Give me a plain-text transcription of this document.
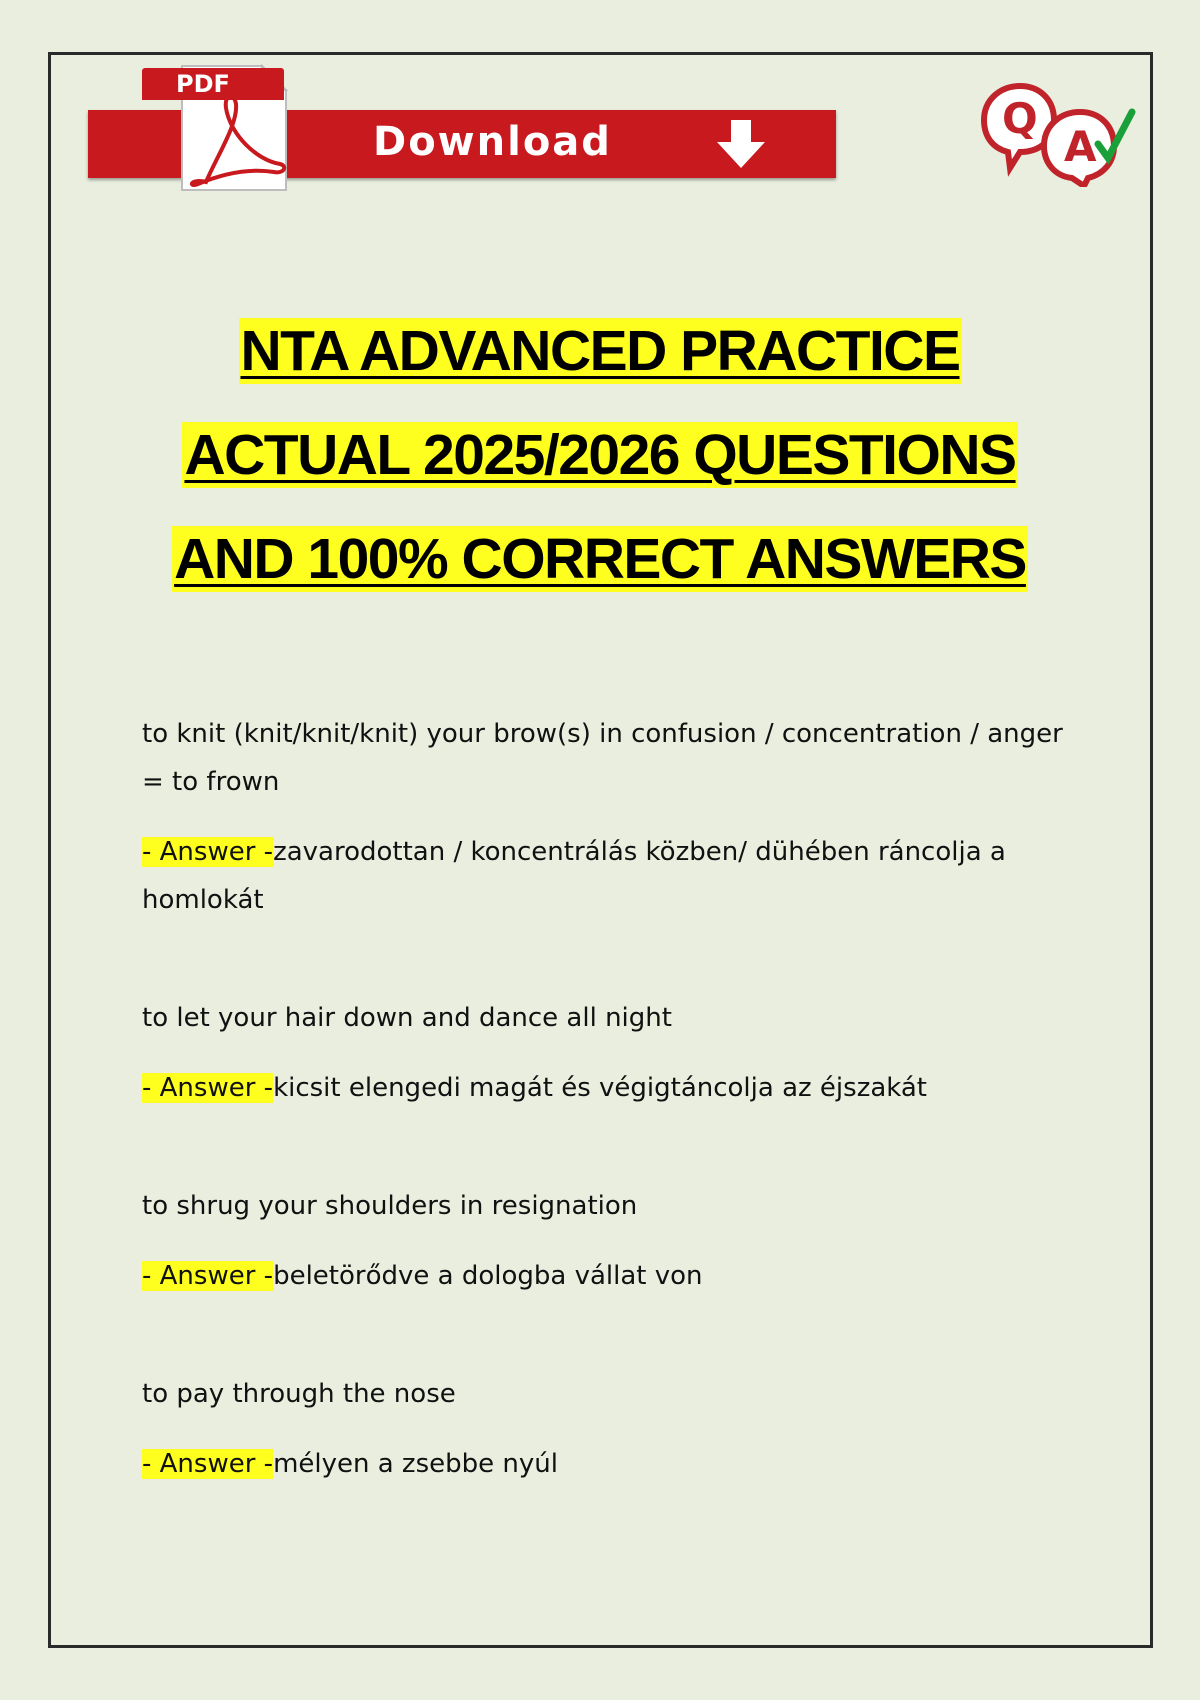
Download
PDF
Q
A
NTA ADVANCED PRACTICE
ACTUAL 2025/2026 QUESTIONS
AND 100% CORRECT ANSWERS

to knit (knit/knit/knit) your brow(s) in confusion / concentration / anger = to frown

- Answer -zavarodottan / koncentrálás közben/ dühében ráncolja a homlokát

to let your hair down and dance all night

- Answer -kicsit elengedi magát és végigtáncolja az éjszakát

to shrug your shoulders in resignation

- Answer -beletörődve a dologba vállat von

to pay through the nose

- Answer -mélyen a zsebbe nyúl
